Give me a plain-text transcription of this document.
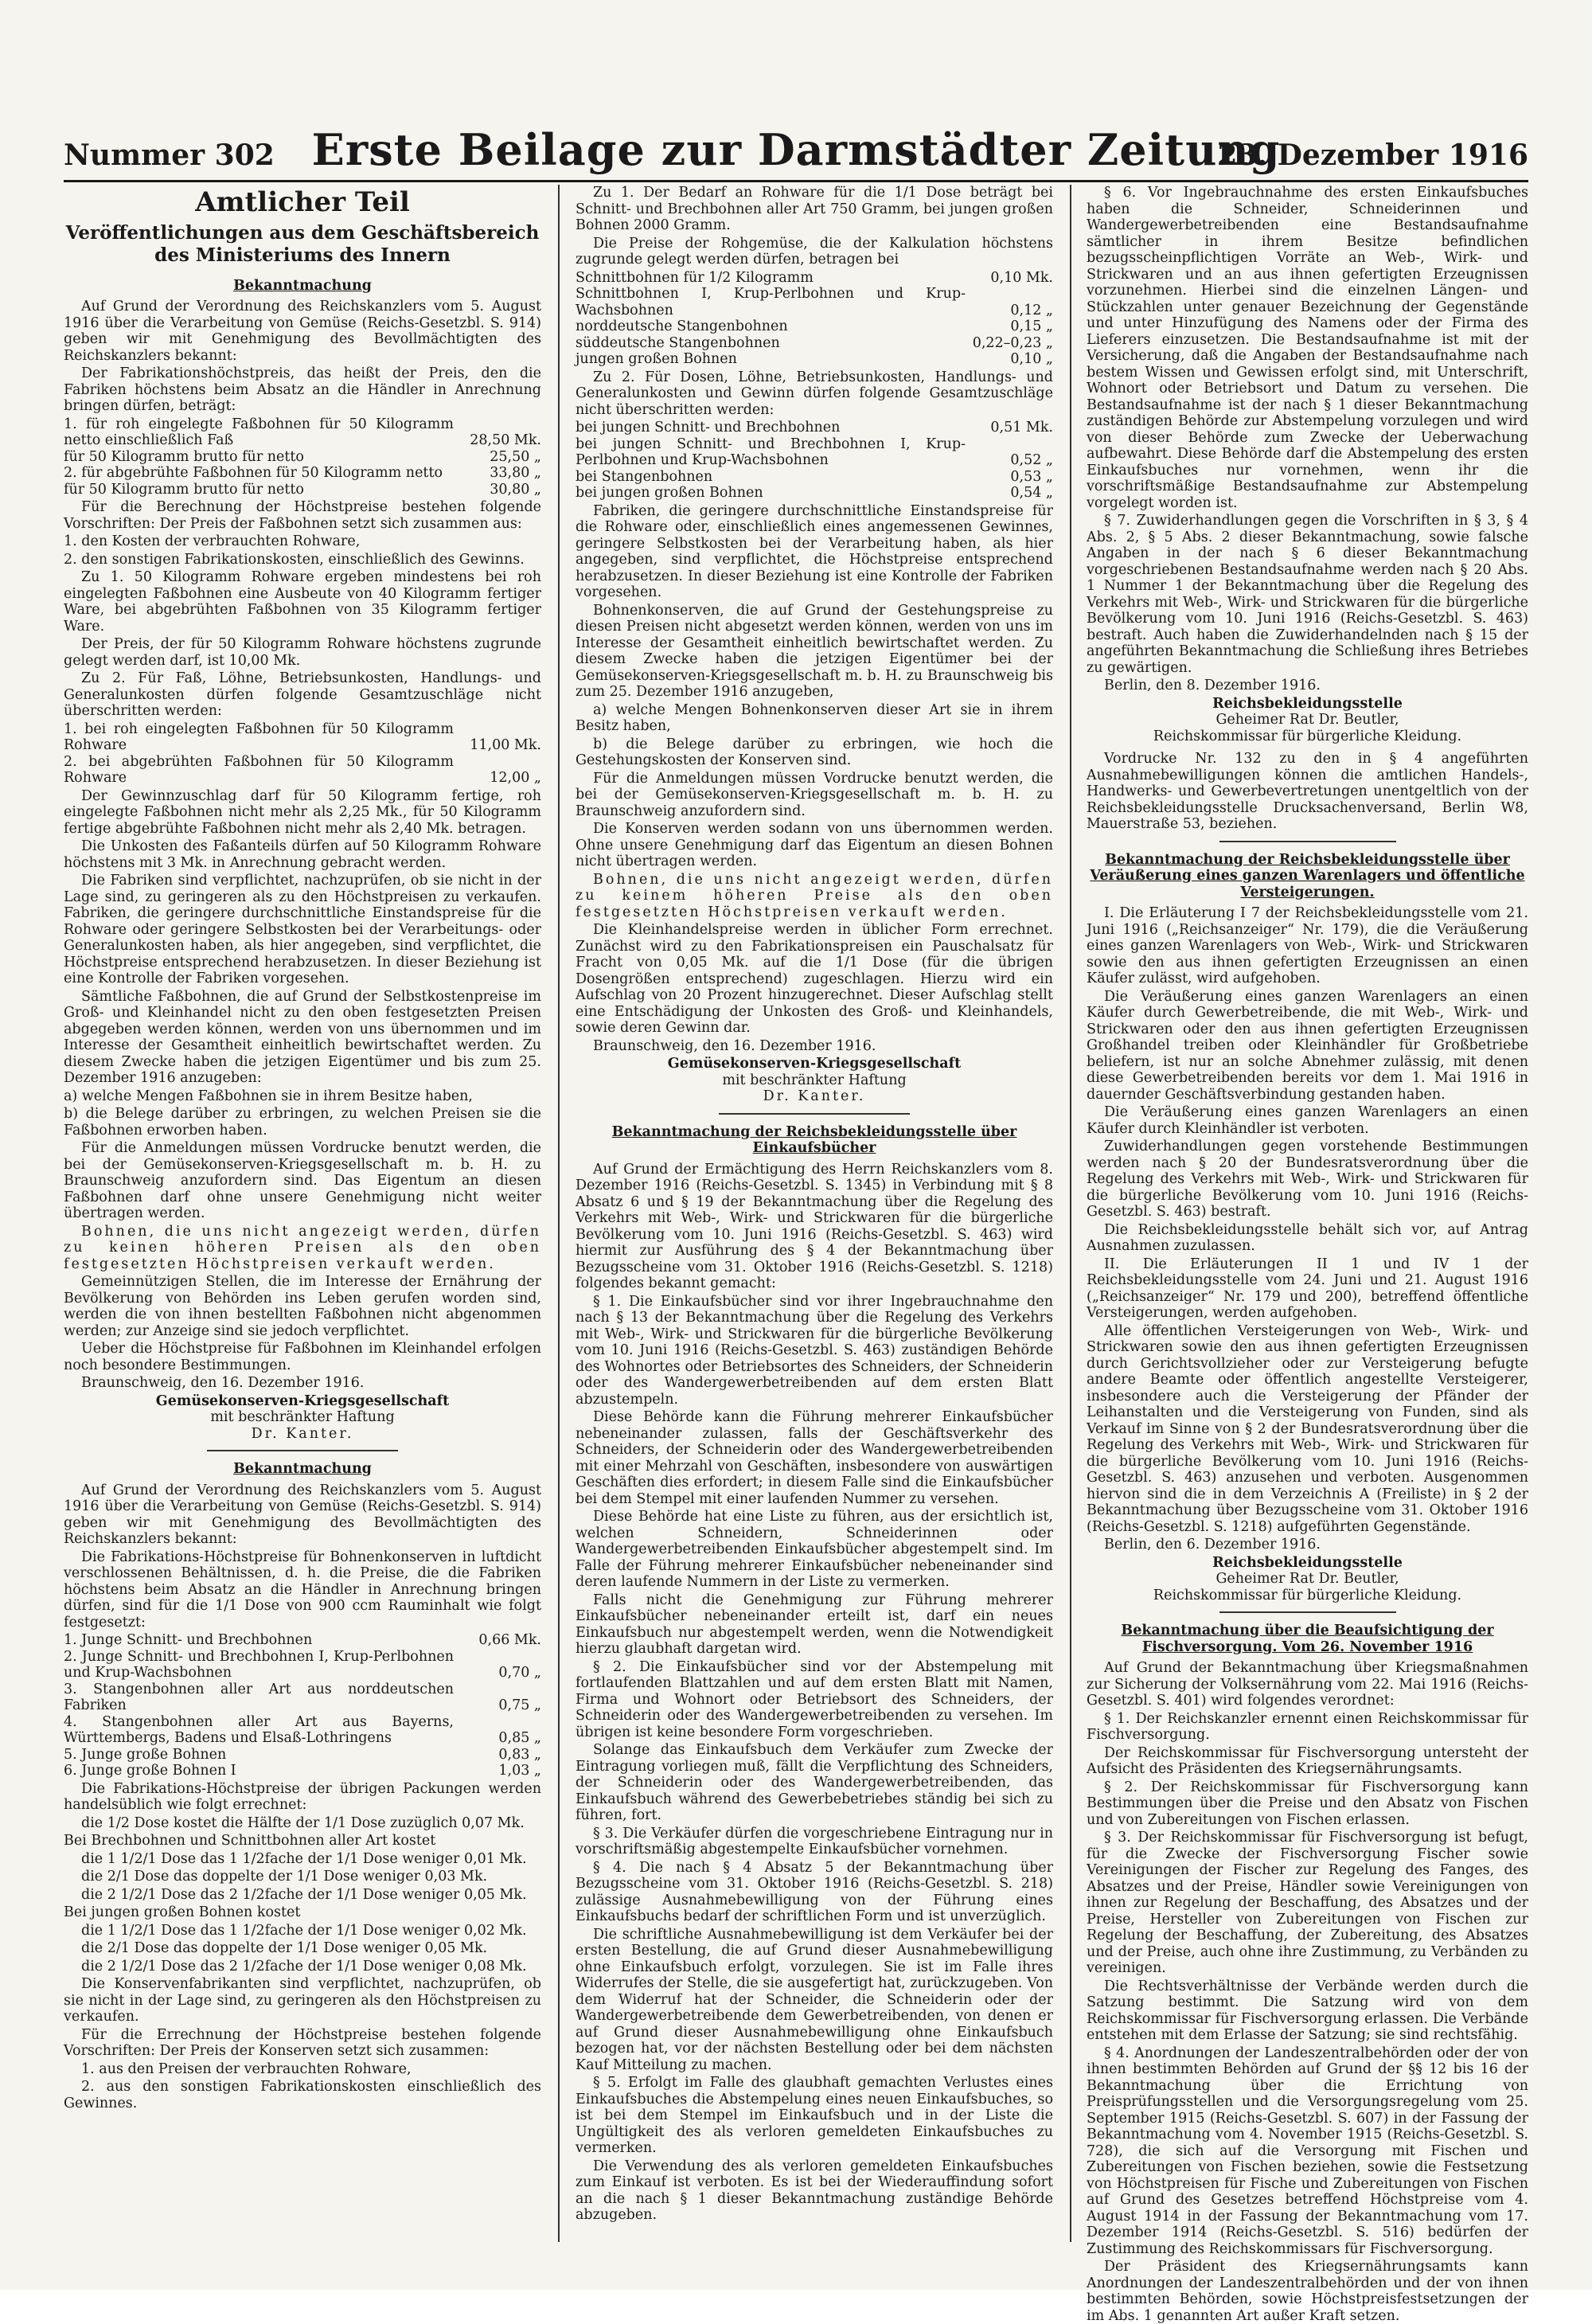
Nummer 302 Erste Beilage zur Darmstädter Zeitung
23. Dezember 1916
Amtlicher Teil
Veröffentlichungen aus dem Geschäftsbereich des Ministeriums des Innern
Bekanntmachung

Auf Grund der Verordnung des Reichskanzlers vom 5. August 1916 über die Verarbeitung von Gemüse (Reichs-Gesetzbl. S. 914) geben wir mit Genehmigung des Bevollmächtigten des Reichskanzlers bekannt:

Der Fabrikationshöchstpreis, das heißt der Preis, den die Fabriken höchstens beim Absatz an die Händler in Anrechnung bringen dürfen, beträgt:

1. für roh eingelegte Faßbohnen für 50 Kilogramm netto einschließlich Faß	28,50 Mk.
für 50 Kilogramm brutto für netto	25,50 „
2. für abgebrühte Faßbohnen für 50 Kilogramm netto	33,80 „
für 50 Kilogramm brutto für netto	30,80 „

Für die Berechnung der Höchstpreise bestehen folgende Vorschriften: Der Preis der Faßbohnen setzt sich zusammen aus:

1. den Kosten der verbrauchten Rohware,

2. den sonstigen Fabrikationskosten, einschließlich des Gewinns.

Zu 1. 50 Kilogramm Rohware ergeben mindestens bei roh eingelegten Faßbohnen eine Ausbeute von 40 Kilogramm fertiger Ware, bei abgebrühten Faßbohnen von 35 Kilogramm fertiger Ware.

Der Preis, der für 50 Kilogramm Rohware höchstens zugrunde gelegt werden darf, ist 10,00 Mk.

Zu 2. Für Faß, Löhne, Betriebsunkosten, Handlungs- und Generalunkosten dürfen folgende Gesamtzuschläge nicht überschritten werden:

1. bei roh eingelegten Faßbohnen für 50 Kilogramm Rohware	11,00 Mk.
2. bei abgebrühten Faßbohnen für 50 Kilogramm Rohware	12,00 „

Der Gewinnzuschlag darf für 50 Kilogramm fertige, roh eingelegte Faßbohnen nicht mehr als 2,25 Mk., für 50 Kilogramm fertige abgebrühte Faßbohnen nicht mehr als 2,40 Mk. betragen.

Die Unkosten des Faßanteils dürfen auf 50 Kilogramm Rohware höchstens mit 3 Mk. in Anrechnung gebracht werden.

Die Fabriken sind verpflichtet, nachzuprüfen, ob sie nicht in der Lage sind, zu geringeren als zu den Höchstpreisen zu verkaufen. Fabriken, die geringere durchschnittliche Einstandspreise für die Rohware oder geringere Selbstkosten bei der Verarbeitungs- oder Generalunkosten haben, als hier angegeben, sind verpflichtet, die Höchstpreise entsprechend herabzusetzen. In dieser Beziehung ist eine Kontrolle der Fabriken vorgesehen.

Sämtliche Faßbohnen, die auf Grund der Selbstkostenpreise im Groß- und Kleinhandel nicht zu den oben festgesetzten Preisen abgegeben werden können, werden von uns übernommen und im Interesse der Gesamtheit einheitlich bewirtschaftet werden. Zu diesem Zwecke haben die jetzigen Eigentümer und bis zum 25. Dezember 1916 anzugeben:

a) welche Mengen Faßbohnen sie in ihrem Besitze haben,

b) die Belege darüber zu erbringen, zu welchen Preisen sie die Faßbohnen erworben haben.

Für die Anmeldungen müssen Vordrucke benutzt werden, die bei der Gemüsekonserven-Kriegsgesellschaft m. b. H. zu Braunschweig anzufordern sind. Das Eigentum an diesen Faßbohnen darf ohne unsere Genehmigung nicht weiter übertragen werden.

Bohnen, die uns nicht angezeigt werden, dürfen zu keinen höheren Preisen als den oben festgesetzten Höchstpreisen verkauft werden.

Gemeinnützigen Stellen, die im Interesse der Ernährung der Bevölkerung von Behörden ins Leben gerufen worden sind, werden die von ihnen bestellten Faßbohnen nicht abgenommen werden; zur Anzeige sind sie jedoch verpflichtet.

Ueber die Höchstpreise für Faßbohnen im Kleinhandel erfolgen noch besondere Bestimmungen.

Braunschweig, den 16. Dezember 1916.

Gemüsekonserven-Kriegsgesellschaft
mit beschränkter Haftung
Dr. Kanter.
Bekanntmachung

Auf Grund der Verordnung des Reichskanzlers vom 5. August 1916 über die Verarbeitung von Gemüse (Reichs-Gesetzbl. S. 914) geben wir mit Genehmigung des Bevollmächtigten des Reichskanzlers bekannt:

Die Fabrikations-Höchstpreise für Bohnenkonserven in luftdicht verschlossenen Behältnissen, d. h. die Preise, die die Fabriken höchstens beim Absatz an die Händler in Anrechnung bringen dürfen, sind für die 1/1 Dose von 900 ccm Rauminhalt wie folgt festgesetzt:

1. Junge Schnitt- und Brechbohnen	0,66 Mk.
2. Junge Schnitt- und Brechbohnen I, Krup-Perlbohnen und Krup-Wachsbohnen	0,70 „
3. Stangenbohnen aller Art aus norddeutschen Fabriken	0,75 „
4. Stangenbohnen aller Art aus Bayerns, Württembergs, Badens und Elsaß-Lothringens	0,85 „
5. Junge große Bohnen	0,83 „
6. Junge große Bohnen I	1,03 „

Die Fabrikations-Höchstpreise der übrigen Packungen werden handelsüblich wie folgt errechnet:

die 1/2 Dose kostet die Hälfte der 1/1 Dose zuzüglich 0,07 Mk.

Bei Brechbohnen und Schnittbohnen aller Art kostet

die 1 1/2/1 Dose das 1 1/2fache der 1/1 Dose weniger 0,01 Mk.

die 2/1 Dose das doppelte der 1/1 Dose weniger 0,03 Mk.

die 2 1/2/1 Dose das 2 1/2fache der 1/1 Dose weniger 0,05 Mk.

Bei jungen großen Bohnen kostet

die 1 1/2/1 Dose das 1 1/2fache der 1/1 Dose weniger 0,02 Mk.

die 2/1 Dose das doppelte der 1/1 Dose weniger 0,05 Mk.

die 2 1/2/1 Dose das 2 1/2fache der 1/1 Dose weniger 0,08 Mk.

Die Konservenfabrikanten sind verpflichtet, nachzuprüfen, ob sie nicht in der Lage sind, zu geringeren als den Höchstpreisen zu verkaufen.

Für die Errechnung der Höchstpreise bestehen folgende Vorschriften: Der Preis der Konserven setzt sich zusammen:

1. aus den Preisen der verbrauchten Rohware,

2. aus den sonstigen Fabrikationskosten einschließlich des Gewinnes.

Zu 1. Der Bedarf an Rohware für die 1/1 Dose beträgt bei Schnitt- und Brechbohnen aller Art 750 Gramm, bei jungen großen Bohnen 2000 Gramm.

Die Preise der Rohgemüse, die der Kalkulation höchstens zugrunde gelegt werden dürfen, betragen bei

Schnittbohnen für 1/2 Kilogramm	0,10 Mk.
Schnittbohnen I, Krup-Perlbohnen und Krup-Wachsbohnen	0,12 „
norddeutsche Stangenbohnen	0,15 „
süddeutsche Stangenbohnen	0,22–0,23 „
jungen großen Bohnen	0,10 „

Zu 2. Für Dosen, Löhne, Betriebsunkosten, Handlungs- und Generalunkosten und Gewinn dürfen folgende Gesamtzuschläge nicht überschritten werden:

bei jungen Schnitt- und Brechbohnen	0,51 Mk.
bei jungen Schnitt- und Brechbohnen I, Krup-Perlbohnen und Krup-Wachsbohnen	0,52 „
bei Stangenbohnen	0,53 „
bei jungen großen Bohnen	0,54 „

Fabriken, die geringere durchschnittliche Einstandspreise für die Rohware oder, einschließlich eines angemessenen Gewinnes, geringere Selbstkosten bei der Verarbeitung haben, als hier angegeben, sind verpflichtet, die Höchstpreise entsprechend herabzusetzen. In dieser Beziehung ist eine Kontrolle der Fabriken vorgesehen.

Bohnenkonserven, die auf Grund der Gestehungspreise zu diesen Preisen nicht abgesetzt werden können, werden von uns im Interesse der Gesamtheit einheitlich bewirtschaftet werden. Zu diesem Zwecke haben die jetzigen Eigentümer bei der Gemüsekonserven-Kriegsgesellschaft m. b. H. zu Braunschweig bis zum 25. Dezember 1916 anzugeben,

a) welche Mengen Bohnenkonserven dieser Art sie in ihrem Besitz haben,

b) die Belege darüber zu erbringen, wie hoch die Gestehungskosten der Konserven sind.

Für die Anmeldungen müssen Vordrucke benutzt werden, die bei der Gemüsekonserven-Kriegsgesellschaft m. b. H. zu Braunschweig anzufordern sind.

Die Konserven werden sodann von uns übernommen werden. Ohne unsere Genehmigung darf das Eigentum an diesen Bohnen nicht übertragen werden.

Bohnen, die uns nicht angezeigt werden, dürfen zu keinem höheren Preise als den oben festgesetzten Höchstpreisen verkauft werden.

Die Kleinhandelspreise werden in üblicher Form errechnet. Zunächst wird zu den Fabrikationspreisen ein Pauschalsatz für Fracht von 0,05 Mk. auf die 1/1 Dose (für die übrigen Dosengrößen entsprechend) zugeschlagen. Hierzu wird ein Aufschlag von 20 Prozent hinzugerechnet. Dieser Aufschlag stellt eine Entschädigung der Unkosten des Groß- und Kleinhandels, sowie deren Gewinn dar.

Braunschweig, den 16. Dezember 1916.

Gemüsekonserven-Kriegsgesellschaft
mit beschränkter Haftung
Dr. Kanter.
Bekanntmachung der Reichsbekleidungsstelle über Einkaufsbücher

Auf Grund der Ermächtigung des Herrn Reichskanzlers vom 8. Dezember 1916 (Reichs-Gesetzbl. S. 1345) in Verbindung mit § 8 Absatz 6 und § 19 der Bekanntmachung über die Regelung des Verkehrs mit Web-, Wirk- und Strickwaren für die bürgerliche Bevölkerung vom 10. Juni 1916 (Reichs-Gesetzbl. S. 463) wird hiermit zur Ausführung des § 4 der Bekanntmachung über Bezugsscheine vom 31. Oktober 1916 (Reichs-Gesetzbl. S. 1218) folgendes bekannt gemacht:

§ 1. Die Einkaufsbücher sind vor ihrer Ingebrauchnahme den nach § 13 der Bekanntmachung über die Regelung des Verkehrs mit Web-, Wirk- und Strickwaren für die bürgerliche Bevölkerung vom 10. Juni 1916 (Reichs-Gesetzbl. S. 463) zuständigen Behörde des Wohnortes oder Betriebsortes des Schneiders, der Schneiderin oder des Wandergewerbetreibenden auf dem ersten Blatt abzustempeln.

Diese Behörde kann die Führung mehrerer Einkaufsbücher nebeneinander zulassen, falls der Geschäftsverkehr des Schneiders, der Schneiderin oder des Wandergewerbetreibenden mit einer Mehrzahl von Geschäften, insbesondere von auswärtigen Geschäften dies erfordert; in diesem Falle sind die Einkaufsbücher bei dem Stempel mit einer laufenden Nummer zu versehen.

Diese Behörde hat eine Liste zu führen, aus der ersichtlich ist, welchen Schneidern, Schneiderinnen oder Wandergewerbetreibenden Einkaufsbücher abgestempelt sind. Im Falle der Führung mehrerer Einkaufsbücher nebeneinander sind deren laufende Nummern in der Liste zu vermerken.

Falls nicht die Genehmigung zur Führung mehrerer Einkaufsbücher nebeneinander erteilt ist, darf ein neues Einkaufsbuch nur abgestempelt werden, wenn die Notwendigkeit hierzu glaubhaft dargetan wird.

§ 2. Die Einkaufsbücher sind vor der Abstempelung mit fortlaufenden Blattzahlen und auf dem ersten Blatt mit Namen, Firma und Wohnort oder Betriebsort des Schneiders, der Schneiderin oder des Wandergewerbetreibenden zu versehen. Im übrigen ist keine besondere Form vorgeschrieben.

Solange das Einkaufsbuch dem Verkäufer zum Zwecke der Eintragung vorliegen muß, fällt die Verpflichtung des Schneiders, der Schneiderin oder des Wandergewerbetreibenden, das Einkaufsbuch während des Gewerbebetriebes ständig bei sich zu führen, fort.

§ 3. Die Verkäufer dürfen die vorgeschriebene Eintragung nur in vorschriftsmäßig abgestempelte Einkaufsbücher vornehmen.

§ 4. Die nach § 4 Absatz 5 der Bekanntmachung über Bezugsscheine vom 31. Oktober 1916 (Reichs-Gesetzbl. S. 218) zulässige Ausnahmebewilligung von der Führung eines Einkaufsbuchs bedarf der schriftlichen Form und ist unverzüglich.

Die schriftliche Ausnahmebewilligung ist dem Verkäufer bei der ersten Bestellung, die auf Grund dieser Ausnahmebewilligung ohne Einkaufsbuch erfolgt, vorzulegen. Sie ist im Falle ihres Widerrufes der Stelle, die sie ausgefertigt hat, zurückzugeben. Von dem Widerruf hat der Schneider, die Schneiderin oder der Wandergewerbetreibende dem Gewerbetreibenden, von denen er auf Grund dieser Ausnahmebewilligung ohne Einkaufsbuch bezogen hat, vor der nächsten Bestellung oder bei dem nächsten Kauf Mitteilung zu machen.

§ 5. Erfolgt im Falle des glaubhaft gemachten Verlustes eines Einkaufsbuches die Abstempelung eines neuen Einkaufsbuches, so ist bei dem Stempel im Einkaufsbuch und in der Liste die Ungültigkeit des als verloren gemeldeten Einkaufsbuches zu vermerken.

Die Verwendung des als verloren gemeldeten Einkaufsbuches zum Einkauf ist verboten. Es ist bei der Wiederauffindung sofort an die nach § 1 dieser Bekanntmachung zuständige Behörde abzugeben.

§ 6. Vor Ingebrauchnahme des ersten Einkaufsbuches haben die Schneider, Schneiderinnen und Wandergewerbetreibenden eine Bestandsaufnahme sämtlicher in ihrem Besitze befindlichen bezugsscheinpflichtigen Vorräte an Web-, Wirk- und Strickwaren und an aus ihnen gefertigten Erzeugnissen vorzunehmen. Hierbei sind die einzelnen Längen- und Stückzahlen unter genauer Bezeichnung der Gegenstände und unter Hinzufügung des Namens oder der Firma des Lieferers einzusetzen. Die Bestandsaufnahme ist mit der Versicherung, daß die Angaben der Bestandsaufnahme nach bestem Wissen und Gewissen erfolgt sind, mit Unterschrift, Wohnort oder Betriebsort und Datum zu versehen. Die Bestandsaufnahme ist der nach § 1 dieser Bekanntmachung zuständigen Behörde zur Abstempelung vorzulegen und wird von dieser Behörde zum Zwecke der Ueberwachung aufbewahrt. Diese Behörde darf die Abstempelung des ersten Einkaufsbuches nur vornehmen, wenn ihr die vorschriftsmäßige Bestandsaufnahme zur Abstempelung vorgelegt worden ist.

§ 7. Zuwiderhandlungen gegen die Vorschriften in § 3, § 4 Abs. 2, § 5 Abs. 2 dieser Bekanntmachung, sowie falsche Angaben in der nach § 6 dieser Bekanntmachung vorgeschriebenen Bestandsaufnahme werden nach § 20 Abs. 1 Nummer 1 der Bekanntmachung über die Regelung des Verkehrs mit Web-, Wirk- und Strickwaren für die bürgerliche Bevölkerung vom 10. Juni 1916 (Reichs-Gesetzbl. S. 463) bestraft. Auch haben die Zuwiderhandelnden nach § 15 der angeführten Bekanntmachung die Schließung ihres Betriebes zu gewärtigen.

Berlin, den 8. Dezember 1916.

Reichsbekleidungsstelle
Geheimer Rat Dr. Beutler,
Reichskommissar für bürgerliche Kleidung.

Vordrucke Nr. 132 zu den in § 4 angeführten Ausnahmebewilligungen können die amtlichen Handels-, Handwerks- und Gewerbevertretungen unentgeltlich von der Reichsbekleidungsstelle Drucksachenversand, Berlin W8, Mauerstraße 53, beziehen.

Bekanntmachung der Reichsbekleidungsstelle über Veräußerung eines ganzen Warenlagers und öffentliche Versteigerungen.

I. Die Erläuterung I 7 der Reichsbekleidungsstelle vom 21. Juni 1916 („Reichsanzeiger“ Nr. 179), die die Veräußerung eines ganzen Warenlagers von Web-, Wirk- und Strickwaren sowie den aus ihnen gefertigten Erzeugnissen an einen Käufer zulässt, wird aufgehoben.

Die Veräußerung eines ganzen Warenlagers an einen Käufer durch Gewerbetreibende, die mit Web-, Wirk- und Strickwaren oder den aus ihnen gefertigten Erzeugnissen Großhandel treiben oder Kleinhändler für Großbetriebe beliefern, ist nur an solche Abnehmer zulässig, mit denen diese Gewerbetreibenden bereits vor dem 1. Mai 1916 in dauernder Geschäftsverbindung gestanden haben.

Die Veräußerung eines ganzen Warenlagers an einen Käufer durch Kleinhändler ist verboten.

Zuwiderhandlungen gegen vorstehende Bestimmungen werden nach § 20 der Bundesratsverordnung über die Regelung des Verkehrs mit Web-, Wirk- und Strickwaren für die bürgerliche Bevölkerung vom 10. Juni 1916 (Reichs-Gesetzbl. S. 463) bestraft.

Die Reichsbekleidungsstelle behält sich vor, auf Antrag Ausnahmen zuzulassen.

II. Die Erläuterungen II 1 und IV 1 der Reichsbekleidungsstelle vom 24. Juni und 21. August 1916 („Reichsanzeiger“ Nr. 179 und 200), betreffend öffentliche Versteigerungen, werden aufgehoben.

Alle öffentlichen Versteigerungen von Web-, Wirk- und Strickwaren sowie den aus ihnen gefertigten Erzeugnissen durch Gerichtsvollzieher oder zur Versteigerung befugte andere Beamte oder öffentlich angestellte Versteigerer, insbesondere auch die Versteigerung der Pfänder der Leihanstalten und die Versteigerung von Funden, sind als Verkauf im Sinne von § 2 der Bundesratsverordnung über die Regelung des Verkehrs mit Web-, Wirk- und Strickwaren für die bürgerliche Bevölkerung vom 10. Juni 1916 (Reichs-Gesetzbl. S. 463) anzusehen und verboten. Ausgenommen hiervon sind die in dem Verzeichnis A (Freiliste) in § 2 der Bekanntmachung über Bezugsscheine vom 31. Oktober 1916 (Reichs-Gesetzbl. S. 1218) aufgeführten Gegenstände.

Berlin, den 6. Dezember 1916.

Reichsbekleidungsstelle
Geheimer Rat Dr. Beutler,
Reichskommissar für bürgerliche Kleidung.
Bekanntmachung über die Beaufsichtigung der Fischversorgung. Vom 26. November 1916

Auf Grund der Bekanntmachung über Kriegsmaßnahmen zur Sicherung der Volksernährung vom 22. Mai 1916 (Reichs-Gesetzbl. S. 401) wird folgendes verordnet:

§ 1. Der Reichskanzler ernennt einen Reichskommissar für Fischversorgung.

Der Reichskommissar für Fischversorgung untersteht der Aufsicht des Präsidenten des Kriegsernährungsamts.

§ 2. Der Reichskommissar für Fischversorgung kann Bestimmungen über die Preise und den Absatz von Fischen und von Zubereitungen von Fischen erlassen.

§ 3. Der Reichskommissar für Fischversorgung ist befugt, für die Zwecke der Fischversorgung Fischer sowie Vereinigungen der Fischer zur Regelung des Fanges, des Absatzes und der Preise, Händler sowie Vereinigungen von ihnen zur Regelung der Beschaffung, des Absatzes und der Preise, Hersteller von Zubereitungen von Fischen zur Regelung der Beschaffung, der Zubereitung, des Absatzes und der Preise, auch ohne ihre Zustimmung, zu Verbänden zu vereinigen.

Die Rechtsverhältnisse der Verbände werden durch die Satzung bestimmt. Die Satzung wird von dem Reichskommissar für Fischversorgung erlassen. Die Verbände entstehen mit dem Erlasse der Satzung; sie sind rechtsfähig.

§ 4. Anordnungen der Landeszentralbehörden oder der von ihnen bestimmten Behörden auf Grund der §§ 12 bis 16 der Bekanntmachung über die Errichtung von Preisprüfungsstellen und die Versorgungsregelung vom 25. September 1915 (Reichs-Gesetzbl. S. 607) in der Fassung der Bekanntmachung vom 4. November 1915 (Reichs-Gesetzbl. S. 728), die sich auf die Versorgung mit Fischen und Zubereitungen von Fischen beziehen, sowie die Festsetzung von Höchstpreisen für Fische und Zubereitungen von Fischen auf Grund des Gesetzes betreffend Höchstpreise vom 4. August 1914 in der Fassung der Bekanntmachung vom 17. Dezember 1914 (Reichs-Gesetzbl. S. 516) bedürfen der Zustimmung des Reichskommissars für Fischversorgung.

Der Präsident des Kriegsernährungsamts kann Anordnungen der Landeszentralbehörden und der von ihnen bestimmten Behörden, sowie Höchstpreisfestsetzungen der im Abs. 1 genannten Art außer Kraft setzen.
